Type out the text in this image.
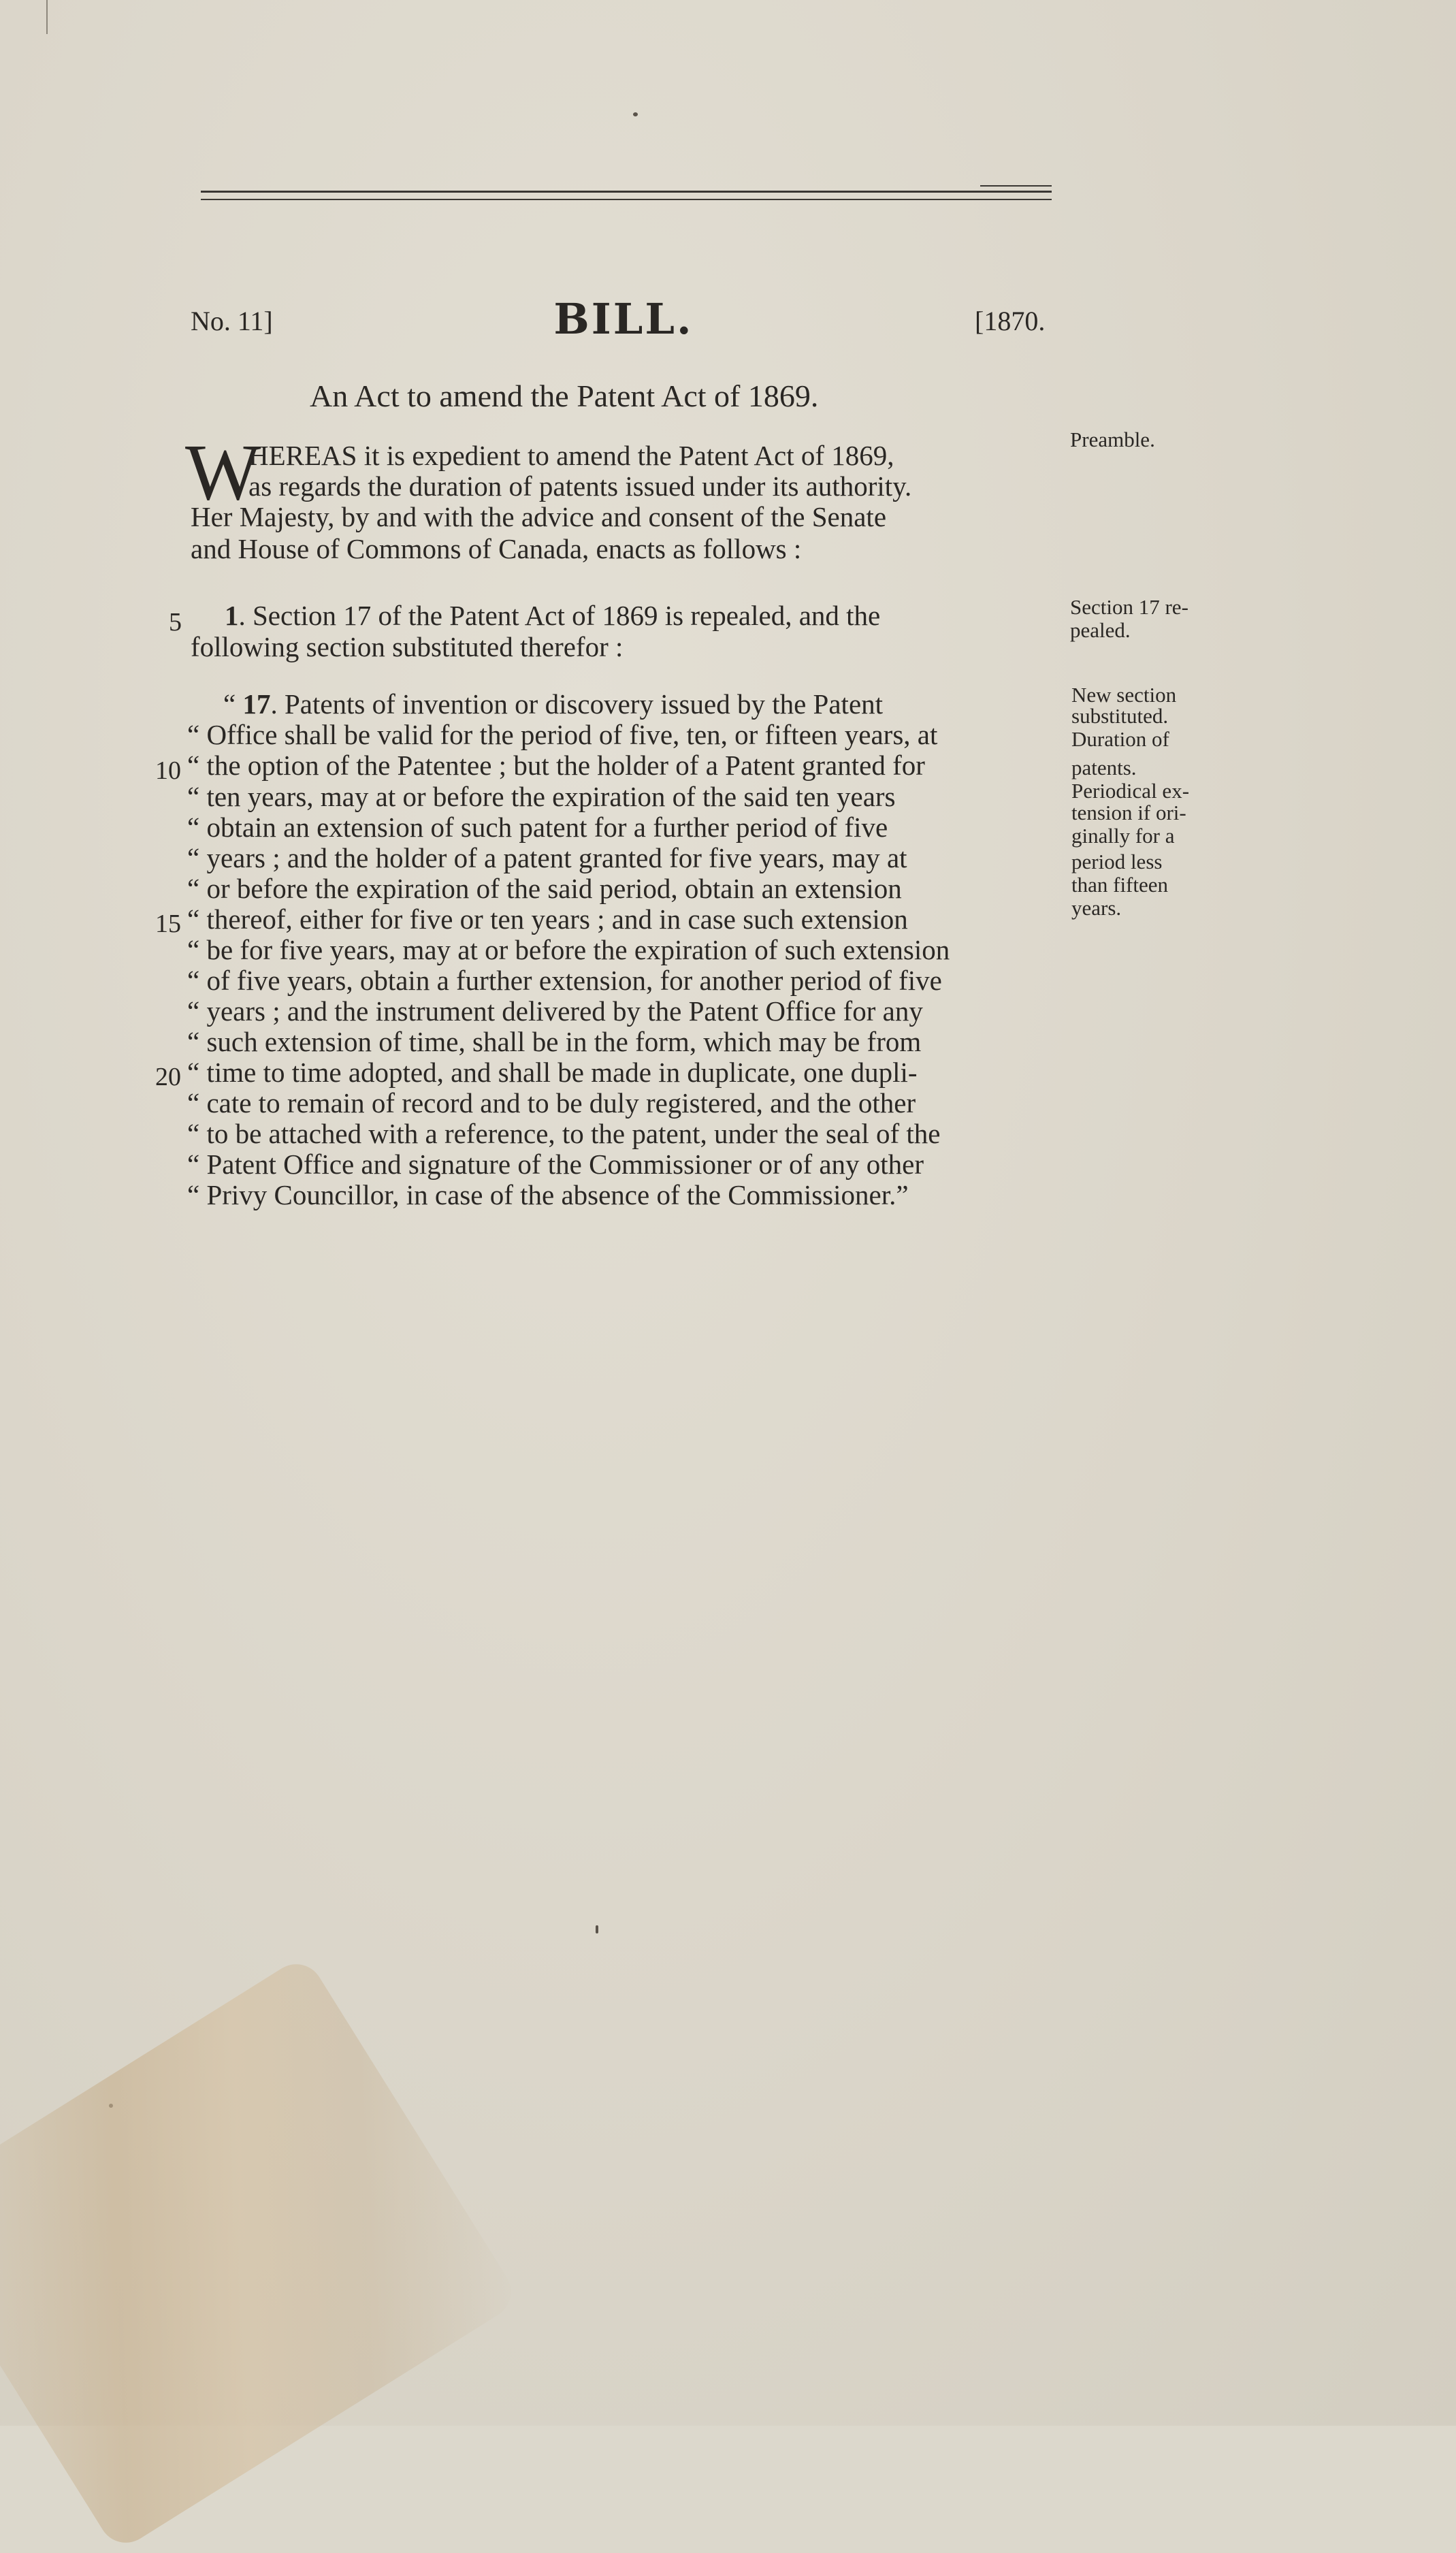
No. 11]	BILL.	[1870.
An Act to amend the Patent Act of 1869.
W
HEREAS it is expedient to amend the Patent Act of 1869,
as regards the duration of patents issued under its authority.
Her Majesty, by and with the advice and consent of the Senate
and House of Commons of Canada, enacts as follows :
Preamble.
5 1. Section 17 of the Patent Act of 1869 is repealed, and the
following section substituted therefor :
Section 17 re-
pealed.
“ 17. Patents of invention or discovery issued by the Patent
“ Office shall be valid for the period of five, ten, or fifteen years, at
“ the option of the Patentee ; but the holder of a Patent granted for
“ ten years, may at or before the expiration of the said ten years
“ obtain an extension of such patent for a further period of five
“ years ; and the holder of a patent granted for five years, may at
“ or before the expiration of the said period, obtain an extension
“ thereof, either for five or ten years ; and in case such extension
“ be for five years, may at or before the expiration of such extension
“ of five years, obtain a further extension, for another period of five
“ years ; and the instrument delivered by the Patent Office for any
“ such extension of time, shall be in the form, which may be from
“ time to time adopted, and shall be made in duplicate, one dupli-
“ cate to remain of record and to be duly registered, and the other
“ to be attached with a reference, to the patent, under the seal of the
“ Patent Office and signature of the Commissioner or of any other
“ Privy Councillor, in case of the absence of the Commissioner.”
10
15
20
New section
substituted.
Duration of
patents.
Periodical ex-
tension if ori-
ginally for a
period less
than fifteen
years.
